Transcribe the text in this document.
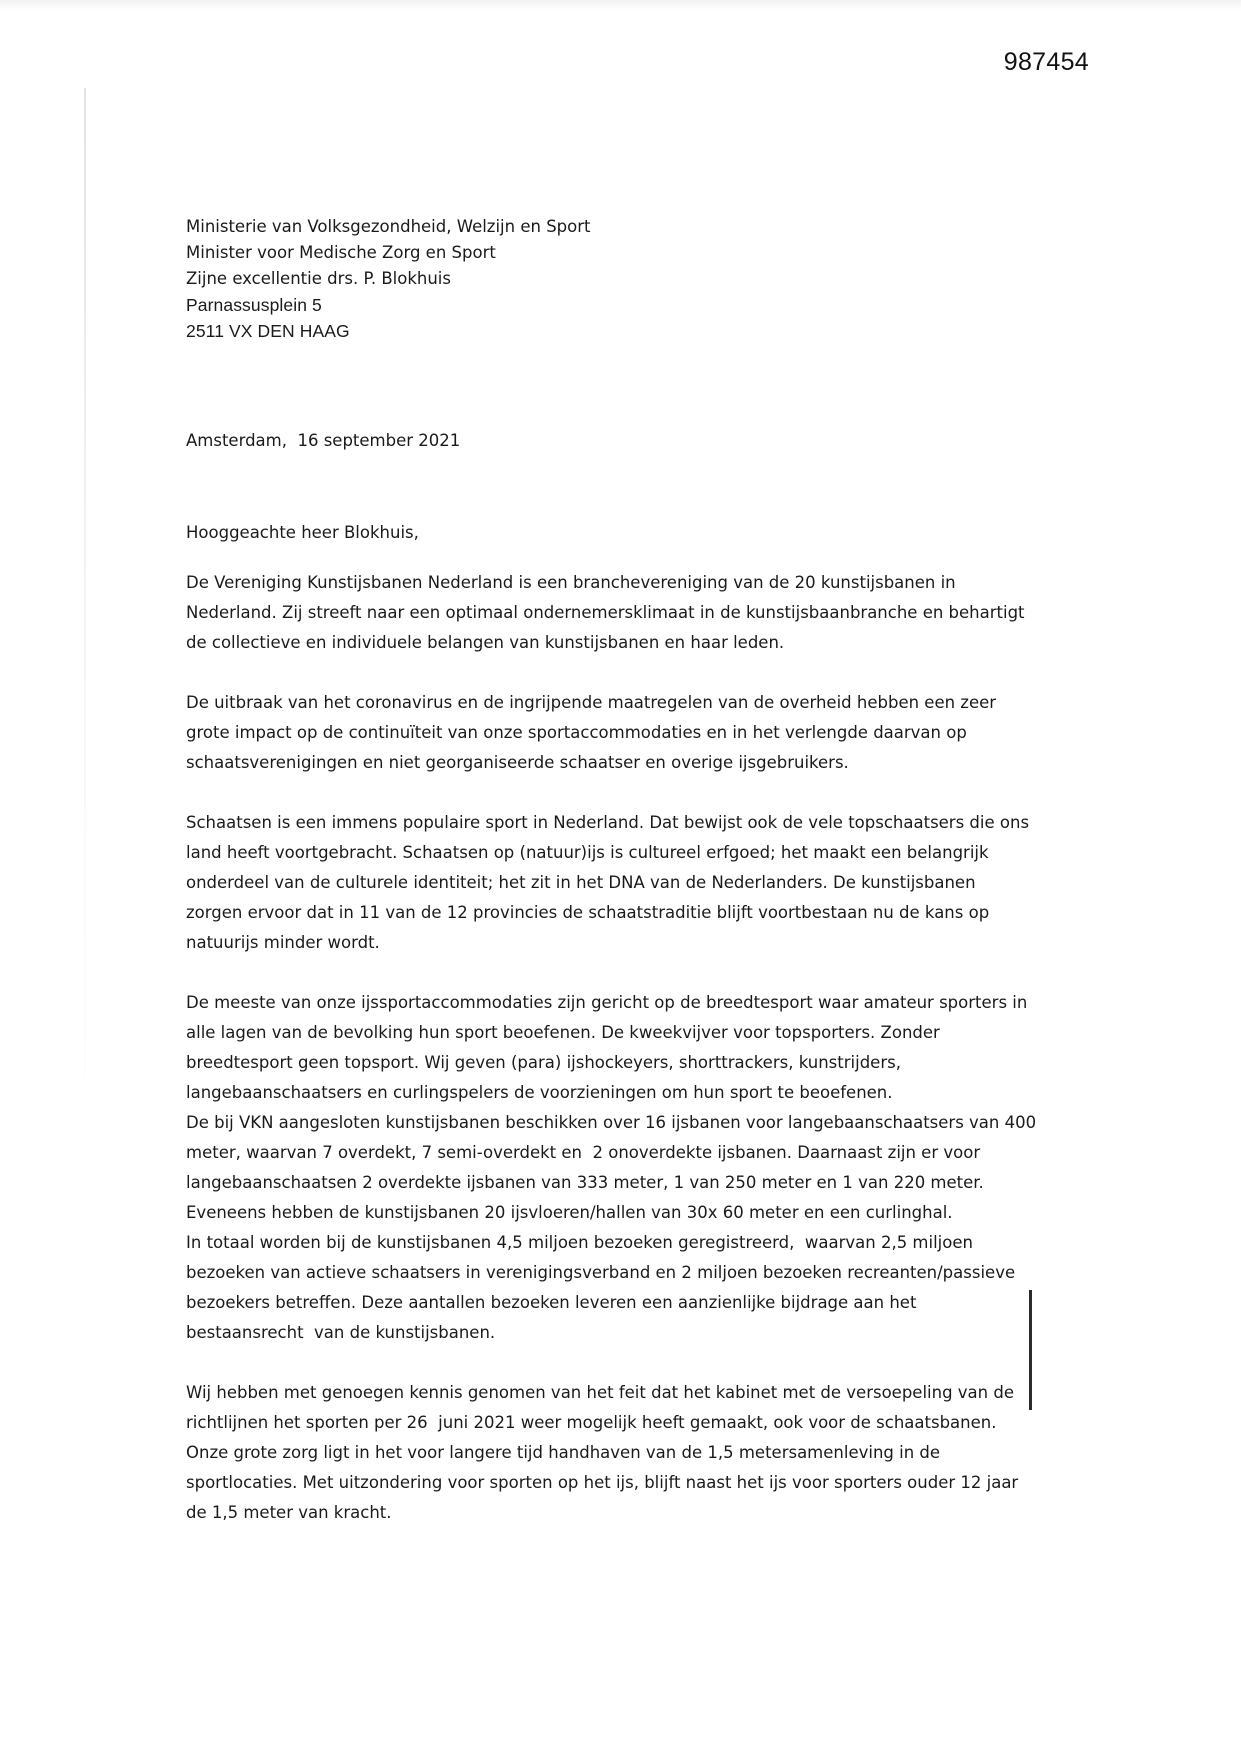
987454
Ministerie van Volksgezondheid, Welzijn en Sport
Minister voor Medische Zorg en Sport
Zijne excellentie drs. P. Blokhuis
Parnassusplein 5
2511 VX DEN HAAG
Amsterdam,  16 september 2021
Hooggeachte heer Blokhuis,
De Vereniging Kunstijsbanen Nederland is een branchevereniging van de 20 kunstijsbanen in
Nederland. Zij streeft naar een optimaal ondernemersklimaat in de kunstijsbaanbranche en behartigt
de collectieve en individuele belangen van kunstijsbanen en haar leden.
De uitbraak van het coronavirus en de ingrijpende maatregelen van de overheid hebben een zeer
grote impact op de continuïteit van onze sportaccommodaties en in het verlengde daarvan op
schaatsverenigingen en niet georganiseerde schaatser en overige ijsgebruikers.
Schaatsen is een immens populaire sport in Nederland. Dat bewijst ook de vele topschaatsers die ons
land heeft voortgebracht. Schaatsen op (natuur)ijs is cultureel erfgoed; het maakt een belangrijk
onderdeel van de culturele identiteit; het zit in het DNA van de Nederlanders. De kunstijsbanen
zorgen ervoor dat in 11 van de 12 provincies de schaatstraditie blijft voortbestaan nu de kans op
natuurijs minder wordt.
De meeste van onze ijssportaccommodaties zijn gericht op de breedtesport waar amateur sporters in
alle lagen van de bevolking hun sport beoefenen. De kweekvijver voor topsporters. Zonder
breedtesport geen topsport. Wij geven (para) ijshockeyers, shorttrackers, kunstrijders,
langebaanschaatsers en curlingspelers de voorzieningen om hun sport te beoefenen.
De bij VKN aangesloten kunstijsbanen beschikken over 16 ijsbanen voor langebaanschaatsers van 400
meter, waarvan 7 overdekt, 7 semi-overdekt en  2 onoverdekte ijsbanen. Daarnaast zijn er voor
langebaanschaatsen 2 overdekte ijsbanen van 333 meter, 1 van 250 meter en 1 van 220 meter.
Eveneens hebben de kunstijsbanen 20 ijsvloeren/hallen van 30x 60 meter en een curlinghal.
In totaal worden bij de kunstijsbanen 4,5 miljoen bezoeken geregistreerd,  waarvan 2,5 miljoen
bezoeken van actieve schaatsers in verenigingsverband en 2 miljoen bezoeken recreanten/passieve
bezoekers betreffen. Deze aantallen bezoeken leveren een aanzienlijke bijdrage aan het
bestaansrecht  van de kunstijsbanen.
Wij hebben met genoegen kennis genomen van het feit dat het kabinet met de versoepeling van de
richtlijnen het sporten per 26  juni 2021 weer mogelijk heeft gemaakt, ook voor de schaatsbanen.
Onze grote zorg ligt in het voor langere tijd handhaven van de 1,5 metersamenleving in de
sportlocaties. Met uitzondering voor sporten op het ijs, blijft naast het ijs voor sporters ouder 12 jaar
de 1,5 meter van kracht.
